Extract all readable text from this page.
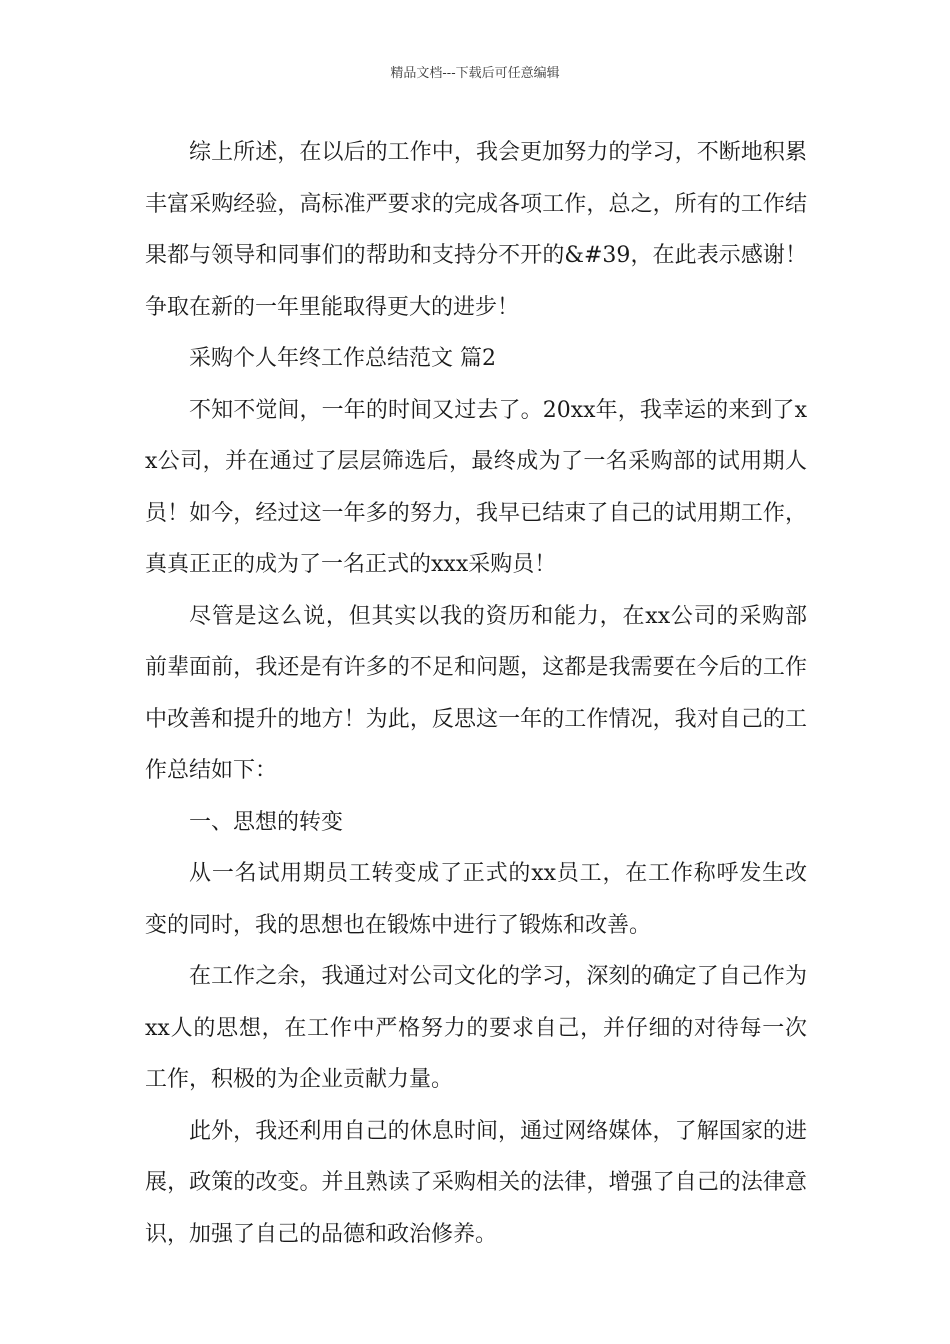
精品文档---下载后可任意编辑

综上所述，在以后的工作中，我会更加努力的学习，不断地积累丰富采购经验，高标准严要求的完成各项工作，总之，所有的工作结果都与领导和同事们的帮助和支持分不开的&#39，在此表示感谢！争取在新的一年里能取得更大的进步！

采购个人年终工作总结范文 篇2

不知不觉间，一年的时间又过去了。20xx年，我幸运的来到了xx公司，并在通过了层层筛选后，最终成为了一名采购部的试用期人员！如今，经过这一年多的努力，我早已结束了自己的试用期工作，真真正正的成为了一名正式的xxx采购员！

尽管是这么说，但其实以我的资历和能力，在xx公司的采购部前辈面前，我还是有许多的不足和问题，这都是我需要在今后的工作中改善和提升的地方！为此，反思这一年的工作情况，我对自己的工作总结如下：

一、思想的转变

从一名试用期员工转变成了正式的xx员工，在工作称呼发生改变的同时，我的思想也在锻炼中进行了锻炼和改善。

在工作之余，我通过对公司文化的学习，深刻的确定了自己作为xx人的思想，在工作中严格努力的要求自己，并仔细的对待每一次工作，积极的为企业贡献力量。

此外，我还利用自己的休息时间，通过网络媒体，了解国家的进展，政策的改变。并且熟读了采购相关的法律，增强了自己的法律意识，加强了自己的品德和政治修养。
